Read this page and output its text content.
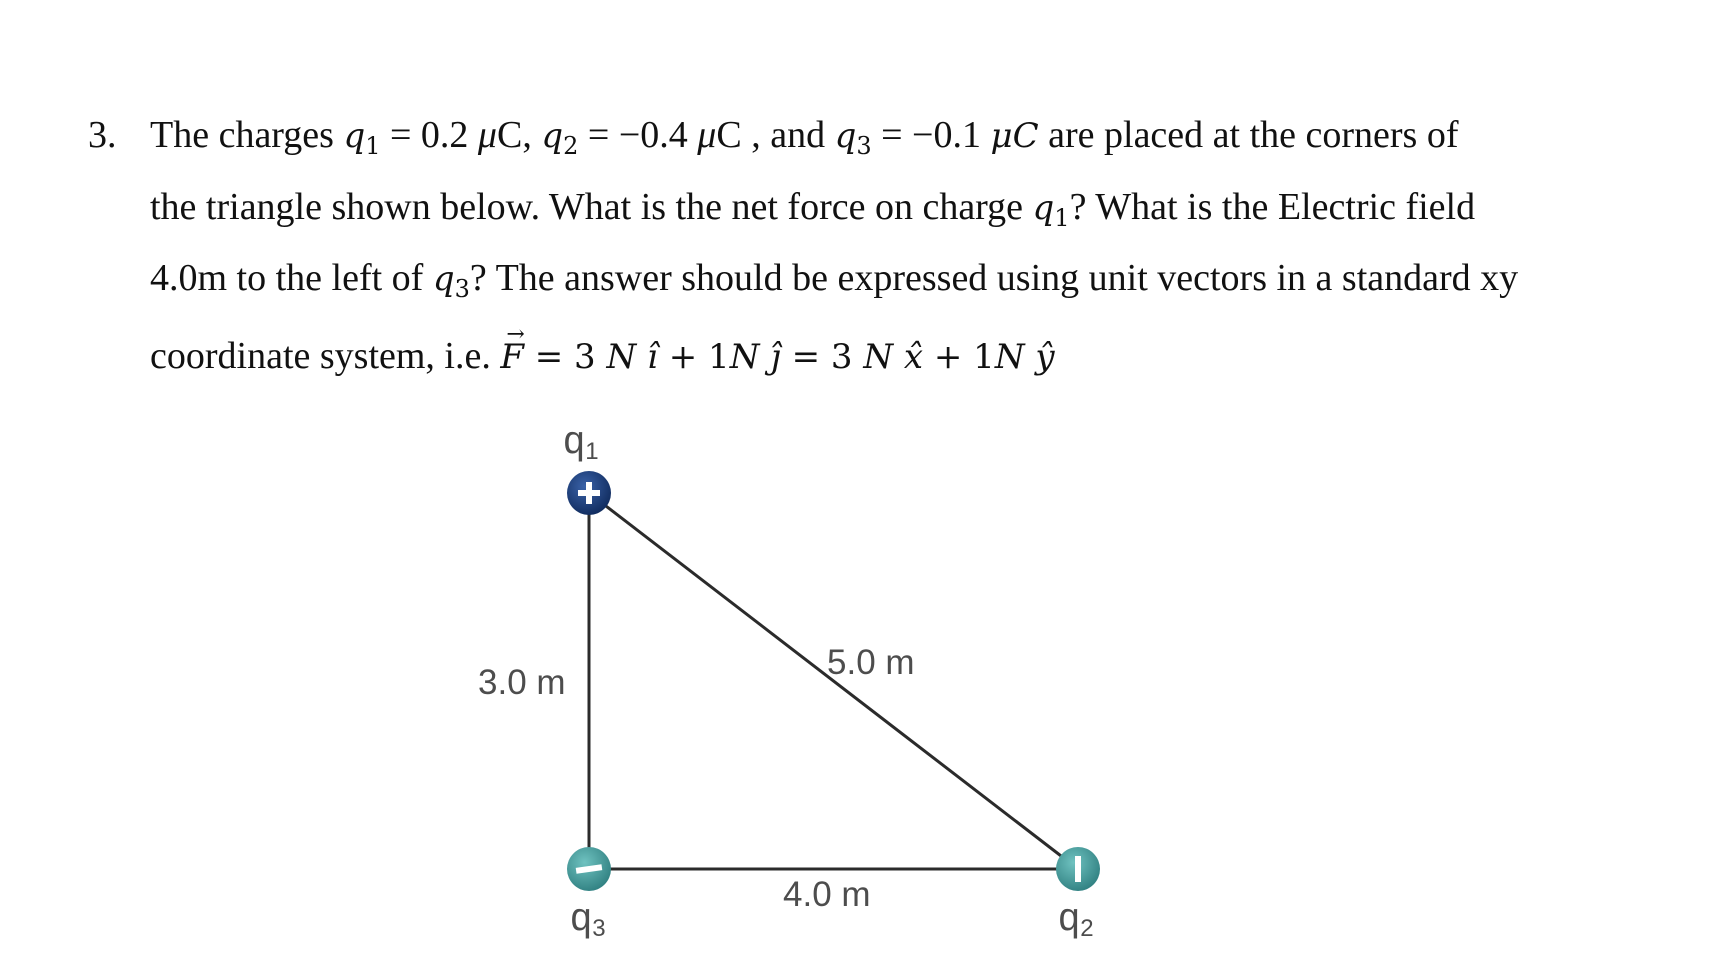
3. The charges $q_1 = 0.2$ μC, $q_2 = -0.4$ μC , and $q_3 = -0.1$ μC are placed at the corners of
the triangle shown below. What is the net force on charge $q_1$? What is the Electric field
4.0m to the left of $q_3$? The answer should be expressed using unit vectors in a standard xy
coordinate system, i.e. → F = 3 N î + 1N ĵ = 3 N x̂ + 1N ŷ
$q_1$
$q_3$	$q_2$
3.0 m
5.0 m
4.0 m
